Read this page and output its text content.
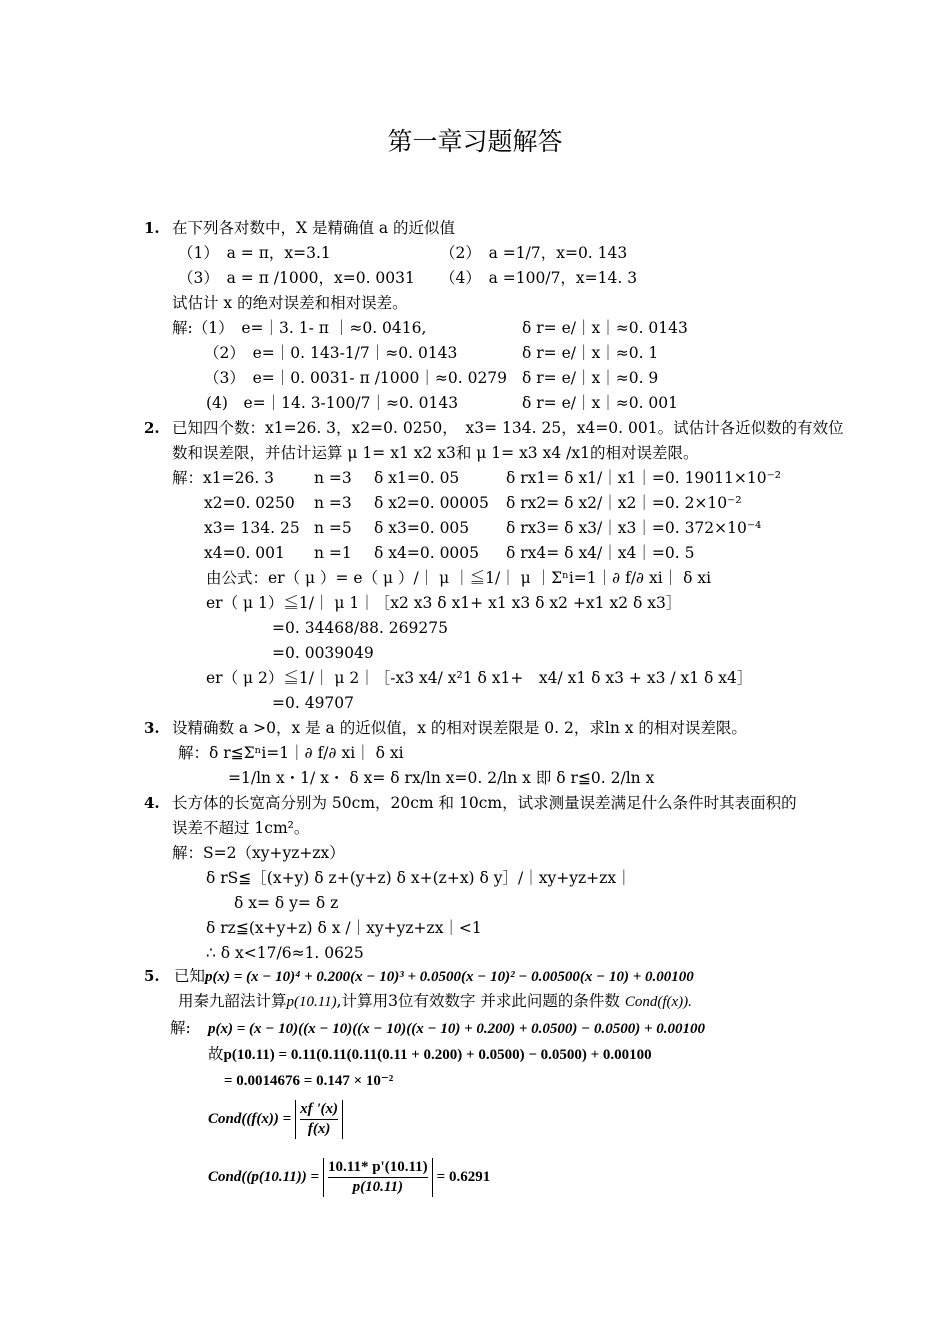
第一章习题解答
1. 在下列各对数中，X 是精确值 a 的近似值
（1）　a = π，x=3.1	（2）　a =1/7，x=0. 143
（3）　a = π /1000，x=0. 0031 （4）　a =100/7，x=14. 3
试估计 x 的绝对误差和相对误差。
解:（1）　e=｜3. 1- π ｜≈0. 0416,	δ r= e/｜x｜≈0. 0143
（2）　e=｜0. 143-1/7｜≈0. 0143	δ r= e/｜x｜≈0. 1
（3）　e=｜0. 0031- π /1000｜≈0. 0279 δ r= e/｜x｜≈0. 9
(4)　e=｜14. 3-100/7｜≈0. 0143	δ r= e/｜x｜≈0. 001
2. 已知四个数：x1=26. 3，x2=0. 0250，　x3= 134. 25，x4=0. 001。试估计各近似数的有效位
数和误差限，并估计运算 μ 1= x1 x2 x3和 μ 1= x3 x4 /x1的相对误差限。
解：x1=26. 3	n =3 δ x1=0. 05	δ rx1= δ x1/｜x1｜=0. 19011×10⁻²
x2=0. 0250 n =3 δ x2=0. 00005 δ rx2= δ x2/｜x2｜=0. 2×10⁻²
x3= 134. 25 n =5 δ x3=0. 005 δ rx3= δ x3/｜x3｜=0. 372×10⁻⁴
x4=0. 001 n =1 δ x4=0. 0005 δ rx4= δ x4/｜x4｜=0. 5
由公式：er（ μ ）= e（ μ ）/｜ μ ｜≦1/｜ μ ｜Σⁿi=1｜∂ f/∂ xi｜ δ xi
er（ μ 1）≦1/｜ μ 1｜［x2 x3 δ x1+ x1 x3 δ x2 +x1 x2 δ x3］
=0. 34468/88. 269275
=0. 0039049
er（ μ 2）≦1/｜ μ 2｜［-x3 x4/ x²1 δ x1+　x4/ x1 δ x3 + x3 / x1 δ x4］
=0. 49707
3. 设精确数 a >0，x 是 a 的近似值，x 的相对误差限是 0. 2，求ln x 的相对误差限。
解：δ r≦Σⁿi=1｜∂ f/∂ xi｜ δ xi
=1/ln x・1/ x・ δ x= δ rx/ln x=0. 2/ln x 即 δ r≦0. 2/ln x
4. 长方体的长宽高分别为 50cm，20cm 和 10cm，试求测量误差满足什么条件时其表面积的
误差不超过 1cm²。
解：S=2（xy+yz+zx）
δ rS≦［(x+y) δ z+(y+z) δ x+(z+x) δ y］/｜xy+yz+zx｜
δ x= δ y= δ z
δ rz≦(x+y+z) δ x /｜xy+yz+zx｜<1
∴ δ x<17/6≈1. 0625
5. 已知p(x) = (x − 10)⁴ + 0.200(x − 10)³ + 0.0500(x − 10)² − 0.00500(x − 10) + 0.00100
用秦九韶法计算p(10.11),计算用3位有效数字 并求此问题的条件数 Cond(f(x)).
解: p(x) = (x − 10)((x − 10)((x − 10)((x − 10) + 0.200) + 0.0500) − 0.0500) + 0.00100
故p(10.11) = 0.11(0.11(0.11(0.11 + 0.200) + 0.0500) − 0.0500) + 0.00100
= 0.0014676 = 0.147 × 10⁻²
Cond((f(x)) =
xf '(x)
f(x)
Cond((p(10.11)) =
10.11* p'(10.11)
p(10.11)
= 0.6291
